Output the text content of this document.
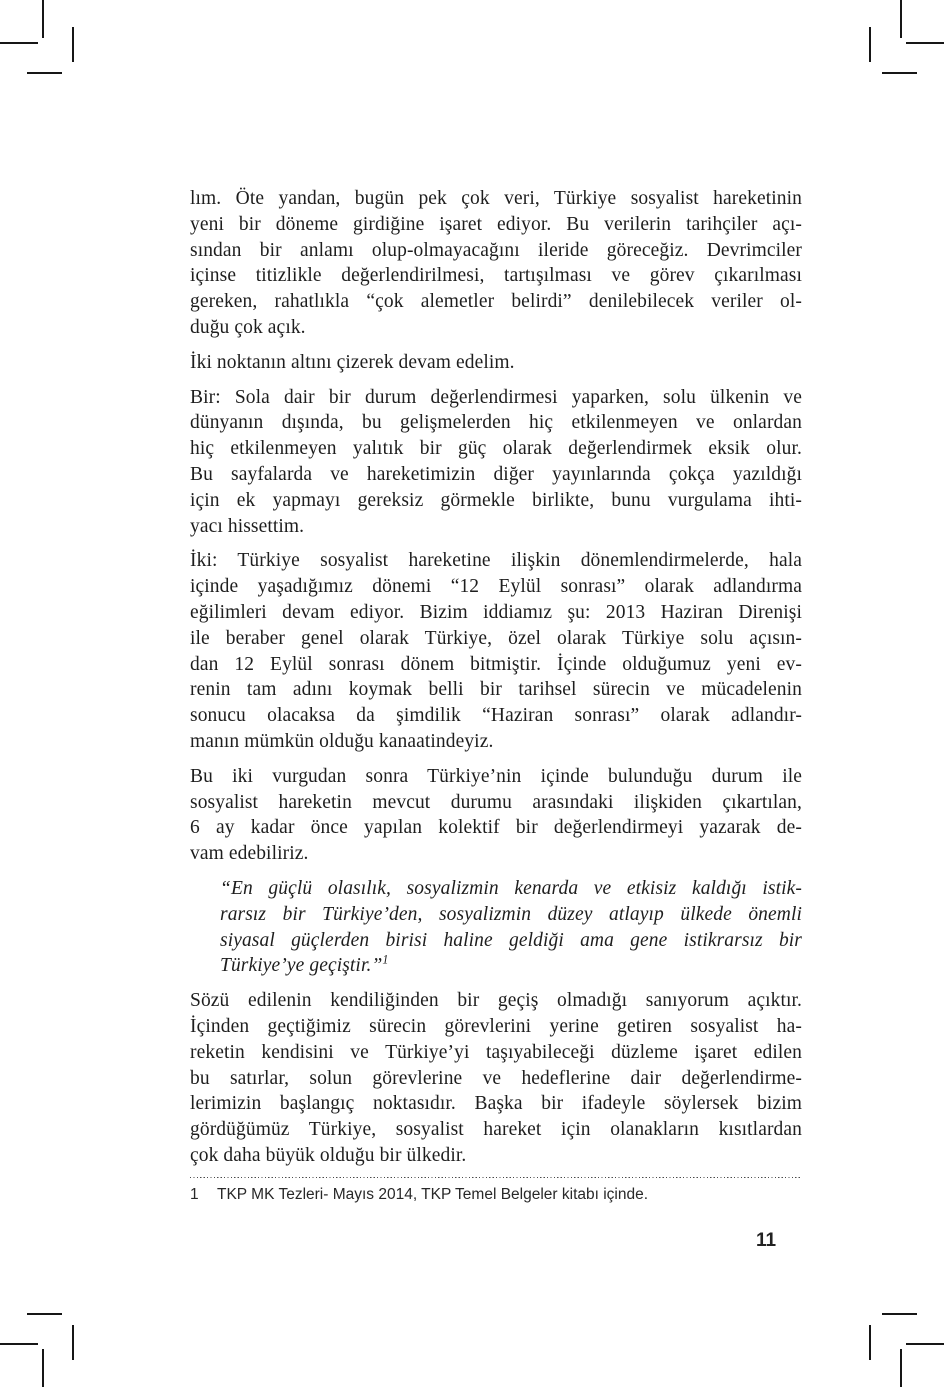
lım. Öte yandan, bugün pek çok veri, Türkiye sosyalist hareketinin
yeni bir döneme girdiğine işaret ediyor. Bu verilerin tarihçiler açı-
sından bir anlamı olup-olmayacağını ileride göreceğiz. Devrimciler
içinse titizlikle değerlendirilmesi, tartışılması ve görev çıkarılması
gereken, rahatlıkla “çok alemetler belirdi” denilebilecek veriler ol-
duğu çok açık.
İki noktanın altını çizerek devam edelim.
Bir: Sola dair bir durum değerlendirmesi yaparken, solu ülkenin ve
dünyanın dışında, bu gelişmelerden hiç etkilenmeyen ve onlardan
hiç etkilenmeyen yalıtık bir güç olarak değerlendirmek eksik olur.
Bu sayfalarda ve hareketimizin diğer yayınlarında çokça yazıldığı
için ek yapmayı gereksiz görmekle birlikte, bunu vurgulama ihti-
yacı hissettim.
İki: Türkiye sosyalist hareketine ilişkin dönemlendirmelerde, hala
içinde yaşadığımız dönemi “12 Eylül sonrası” olarak adlandırma
eğilimleri devam ediyor. Bizim iddiamız şu: 2013 Haziran Direnişi
ile beraber genel olarak Türkiye, özel olarak Türkiye solu açısın-
dan 12 Eylül sonrası dönem bitmiştir. İçinde olduğumuz yeni ev-
renin tam adını koymak belli bir tarihsel sürecin ve mücadelenin
sonucu olacaksa da şimdilik “Haziran sonrası” olarak adlandır-
manın mümkün olduğu kanaatindeyiz.
Bu iki vurgudan sonra Türkiye’nin içinde bulunduğu durum ile
sosyalist hareketin mevcut durumu arasındaki ilişkiden çıkartılan,
6 ay kadar önce yapılan kolektif bir değerlendirmeyi yazarak de-
vam edebiliriz.
“En güçlü olasılık, sosyalizmin kenarda ve etkisiz kaldığı istik-
rarsız bir Türkiye’den, sosyalizmin düzey atlayıp ülkede önemli
siyasal güçlerden birisi haline geldiği ama gene istikrarsız bir
Türkiye’ye geçiştir.”$^1$
Sözü edilenin kendiliğinden bir geçiş olmadığı sanıyorum açıktır.
İçinden geçtiğimiz sürecin görevlerini yerine getiren sosyalist ha-
reketin kendisini ve Türkiye’yi taşıyabileceği düzleme işaret edilen
bu satırlar, solun görevlerine ve hedeflerine dair değerlendirme-
lerimizin başlangıç noktasıdır. Başka bir ifadeyle söylersek bizim
gördüğümüz Türkiye, sosyalist hareket için olanakların kısıtlardan
çok daha büyük olduğu bir ülkedir.
1 TKP MK Tezleri- Mayıs 2014, TKP Temel Belgeler kitabı içinde.
11
